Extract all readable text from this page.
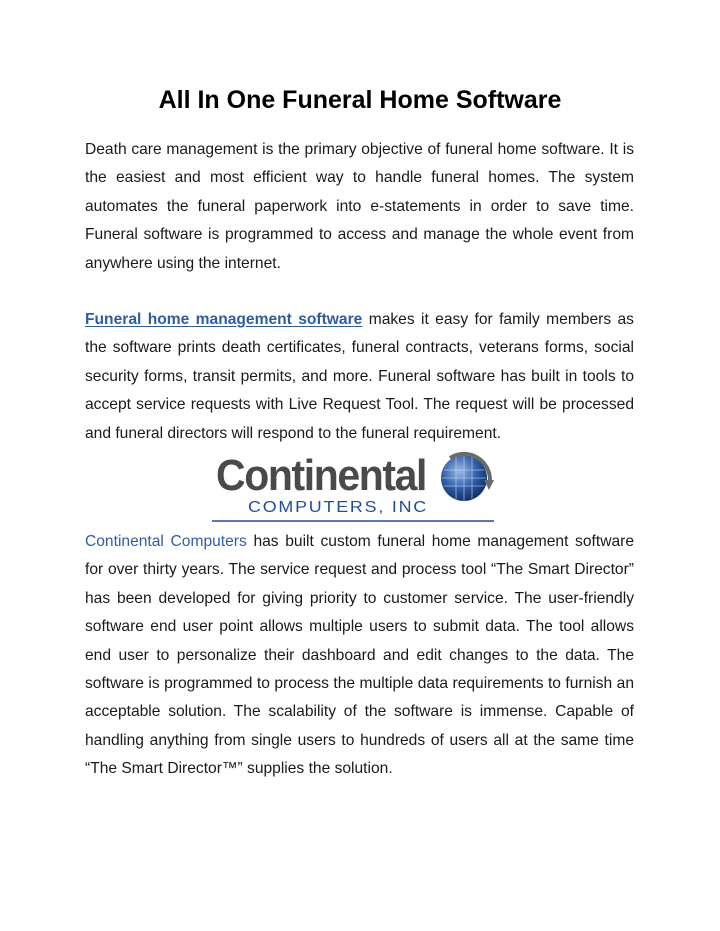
All In One Funeral Home Software

Death care management is the primary objective of funeral home software. It is the easiest and most efficient way to handle funeral homes. The system automates the funeral paperwork into e-statements in order to save time. Funeral software is programmed to access and manage the whole event from anywhere using the internet.

Funeral home management software makes it easy for family members as the software prints death certificates, funeral contracts, veterans forms, social security forms, transit permits, and more. Funeral software has built in tools to accept service requests with Live Request Tool. The request will be processed and funeral directors will respond to the funeral requirement.

Continental
COMPUTERS, INC

Continental Computers has built custom funeral home management software for over thirty years. The service request and process tool “The Smart Director” has been developed for giving priority to customer service. The user-friendly software end user point allows multiple users to submit data. The tool allows end user to personalize their dashboard and edit changes to the data. The software is programmed to process the multiple data requirements to furnish an acceptable solution. The scalability of the software is immense. Capable of handling anything from single users to hundreds of users all at the same time “The Smart Director™” supplies the solution.
